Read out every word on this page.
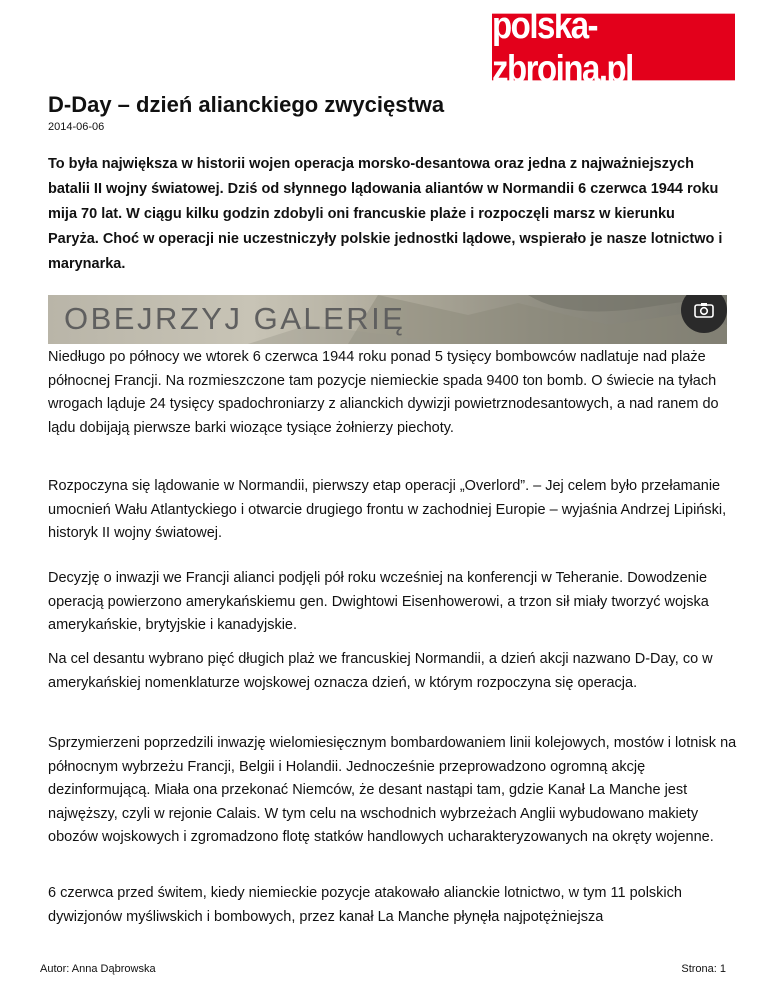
polska-zbrojna.pl
D-Day – dzień alianckiego zwycięstwa
2014-06-06

To była największa w historii wojen operacja morsko-desantowa oraz jedna z najważniejszych batalii II wojny światowej. Dziś od słynnego lądowania aliantów w Normandii 6 czerwca 1944 roku mija 70 lat. W ciągu kilku godzin zdobyli oni francuskie plaże i rozpoczęli marsz w kierunku Paryża. Choć w operacji nie uczestniczyły polskie jednostki lądowe, wspierało je nasze lotnictwo i marynarka.

OBEJRZYJ GALERIĘ

Niedługo po północy we wtorek 6 czerwca 1944 roku ponad 5 tysięcy bombowców nadlatuje nad plaże północnej Francji. Na rozmieszczone tam pozycje niemieckie spada 9400 ton bomb. O świecie na tyłach wrogach ląduje 24 tysięcy spadochroniarzy z alianckich dywizji powietrznodesantowych, a nad ranem do lądu dobijają pierwsze barki wiozące tysiące żołnierzy piechoty.

Rozpoczyna się lądowanie w Normandii, pierwszy etap operacji „Overlord”. – Jej celem było przełamanie umocnień Wału Atlantyckiego i otwarcie drugiego frontu w zachodniej Europie – wyjaśnia Andrzej Lipiński, historyk II wojny światowej.

Decyzję o inwazji we Francji alianci podjęli pół roku wcześniej na konferencji w Teheranie. Dowodzenie operacją powierzono amerykańskiemu gen. Dwightowi Eisenhowerowi, a trzon sił miały tworzyć wojska amerykańskie, brytyjskie i kanadyjskie.

Na cel desantu wybrano pięć długich plaż we francuskiej Normandii, a dzień akcji nazwano D-Day, co w amerykańskiej nomenklaturze wojskowej oznacza dzień, w którym rozpoczyna się operacja.

Sprzymierzeni poprzedzili inwazję wielomiesięcznym bombardowaniem linii kolejowych, mostów i lotnisk na północnym wybrzeżu Francji, Belgii i Holandii. Jednocześnie przeprowadzono ogromną akcję dezinformującą. Miała ona przekonać Niemców, że desant nastąpi tam, gdzie Kanał La Manche jest najwęższy, czyli w rejonie Calais. W tym celu na wschodnich wybrzeżach Anglii wybudowano makiety obozów wojskowych i zgromadzono flotę statków handlowych ucharakteryzowanych na okręty wojenne.

6 czerwca przed świtem, kiedy niemieckie pozycje atakowało alianckie lotnictwo, w tym 11 polskich dywizjonów myśliwskich i bombowych, przez kanał La Manche płynęła najpotężniejsza

Autor: Anna Dąbrowska	Strona: 1
